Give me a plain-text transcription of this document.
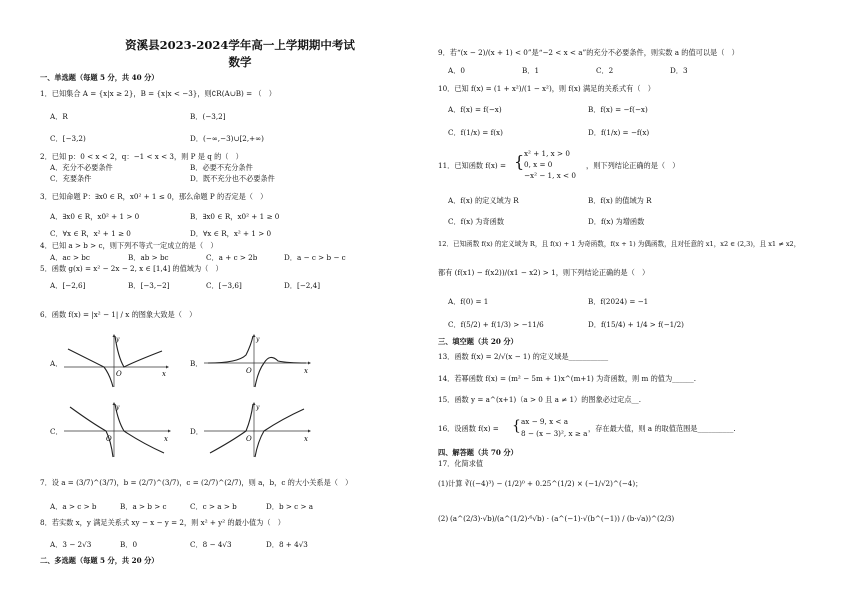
资溪县2023-2024学年高一上学期期中考试
数学
一、单选题（每题 5 分，共 40 分）
1．已知集合 A = {x|x ≥ 2}，B = {x|x < −3}，则∁R(A∪B) = （　）
A．R	B．(−3,2]
C．[−3,2)	D．(−∞,−3)∪[2,+∞)
2．已知 p：0 < x < 2，q：−1 < x < 3，则 P 是 q 的（　）
A．充分不必要条件	B．必要不充分条件
C．充要条件	D．既不充分也不必要条件
3．已知命题 P：∃x0 ∈ R，x0² + 1 ≤ 0，那么命题 P 的否定是（　）
A．∃x0 ∈ R，x0² + 1 > 0	B．∃x0 ∈ R，x0² + 1 ≥ 0
C．∀x ∈ R，x² + 1 ≥ 0	D．∀x ∈ R，x² + 1 > 0
4．已知 a > b > c，则下列不等式一定成立的是（　）
A．ac > bc	B．ab > bc	C．a + c > 2b	D．a − c > b − c
5．函数 g(x) = x² − 2x − 2, x ∈ [1,4] 的值域为（　）
A．[−2,6]	B．[−3,−2]	C．[−3,6]	D．[−2,4]
6．函数 f(x) = |x² − 1| / x 的图象大致是（　）
A．
O	x
y
B．
O	x
y
C．
O	x
y
D．
O	x
y
7．设 a = (3/7)^(3/7)，b = (2/7)^(3/7)，c = (2/7)^(2/7)，则 a，b，c 的大小关系是（　）
A．a > c > b	B．a > b > c	C．c > a > b	D．b > c > a
8．若实数 x，y 满足关系式 xy − x − y = 2，则 x² + y² 的最小值为（　）
A．3 − 2√3	B．0	C．8 − 4√3	D．8 + 4√3
二、多选题（每题 5 分，共 20 分）
9．若“(x − 2)/(x + 1) < 0”是“−2 < x < a”的充分不必要条件，则实数 a 的值可以是（　）
A．0	B．1	C．2	D．3
10．已知 f(x) = (1 + x²)/(1 − x²)，则 f(x) 满足的关系式有（　）
A．f(x) = f(−x)	B．f(x) = −f(−x)
C．f(1/x) = f(x)	D．f(1/x) = −f(x)
11．已知函数 f(x) = { x² + 1, x > 0
0, x = 0
−x² − 1, x < 0
，则下列结论正确的是（　）
A．f(x) 的定义域为 R	B．f(x) 的值域为 R
C．f(x) 为奇函数	D．f(x) 为增函数
12．已知函数 f(x) 的定义域为 R，且 f(x) + 1 为奇函数，f(x + 1) 为偶函数，且对任意的 x1，x2 ∈ (2,3)，且 x1 ≠ x2，
都有 (f(x1) − f(x2))/(x1 − x2) > 1，则下列结论正确的是（　）
A．f(0) = 1	B．f(2024) = −1
C．f(5/2) + f(1/3) > −11/6	D．f(15/4) + 1/4 > f(−1/2)
三、填空题（共 20 分）
13．函数 f(x) = 2/√(x − 1) 的定义域是___________
14．若幂函数 f(x) = (m² − 5m + 1)x^(m+1) 为奇函数，则 m 的值为______.
15．函数 y = a^(x+1)（a > 0 且 a ≠ 1）的图象必过定点__.
16．设函数 f(x) = { ax − 9, x < a
8 − (x − 3)², x ≥ a
，存在最大值，则 a 的取值范围是__________.
四、解答题（共 70 分）
17．化简求值
(1)计算 ∛((−4)³) − (1/2)⁰ + 0.25^(1/2) × (−1/√2)^(−4)；
(2) (a^(2/3)·√b)/(a^(1/2)·⁶√b) · (a^(−1)·√(b^(−1)) / (b·√a))^(2/3)
